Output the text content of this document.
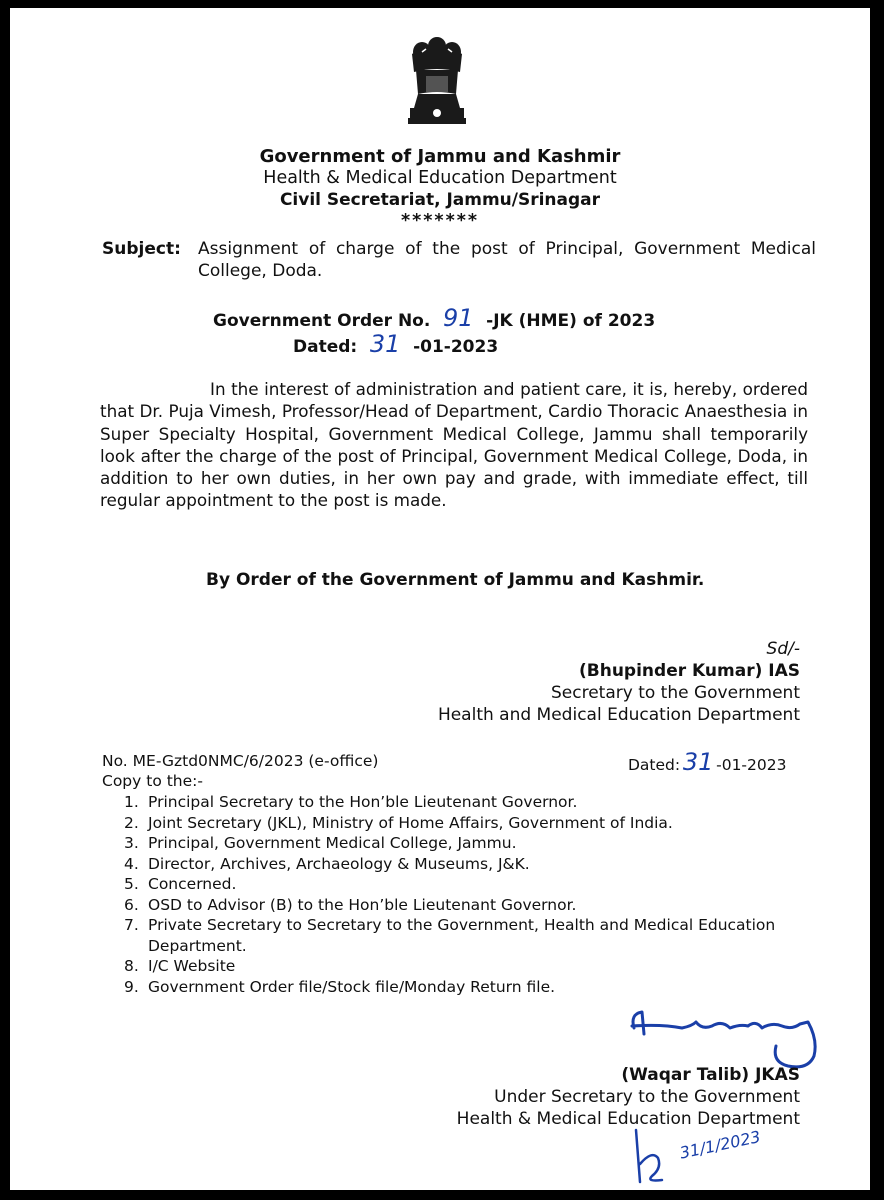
Government of Jammu and Kashmir
Health & Medical Education Department
Civil Secretariat, Jammu/Srinagar
*******
Subject: Assignment of charge of the post of Principal, Government Medical College, Doda.
Government Order No. 91 -JK (HME) of 2023
Dated: 31 -01-2023
In the interest of administration and patient care, it is, hereby, ordered that Dr. Puja Vimesh, Professor/Head of Department, Cardio Thoracic Anaesthesia in Super Specialty Hospital, Government Medical College, Jammu shall temporarily look after the charge of the post of Principal, Government Medical College, Doda, in addition to her own duties, in her own pay and grade, with immediate effect, till regular appointment to the post is made.
By Order of the Government of Jammu and Kashmir.
Sd/-
(Bhupinder Kumar) IAS
Secretary to the Government
Health and Medical Education Department
No. ME-Gztd0NMC/6/2023 (e-office)	Dated: 31 -01-2023
Copy to the:-
1. Principal Secretary to the Hon’ble Lieutenant Governor.
2. Joint Secretary (JKL), Ministry of Home Affairs, Government of India.
3. Principal, Government Medical College, Jammu.
4. Director, Archives, Archaeology & Museums, J&K.
5. Concerned.
6. OSD to Advisor (B) to the Hon’ble Lieutenant Governor.
7. Private Secretary to Secretary to the Government, Health and Medical Education Department.
8. I/C Website
9. Government Order file/Stock file/Monday Return file.
(Waqar Talib) JKAS
Under Secretary to the Government
Health & Medical Education Department
31/1/2023
